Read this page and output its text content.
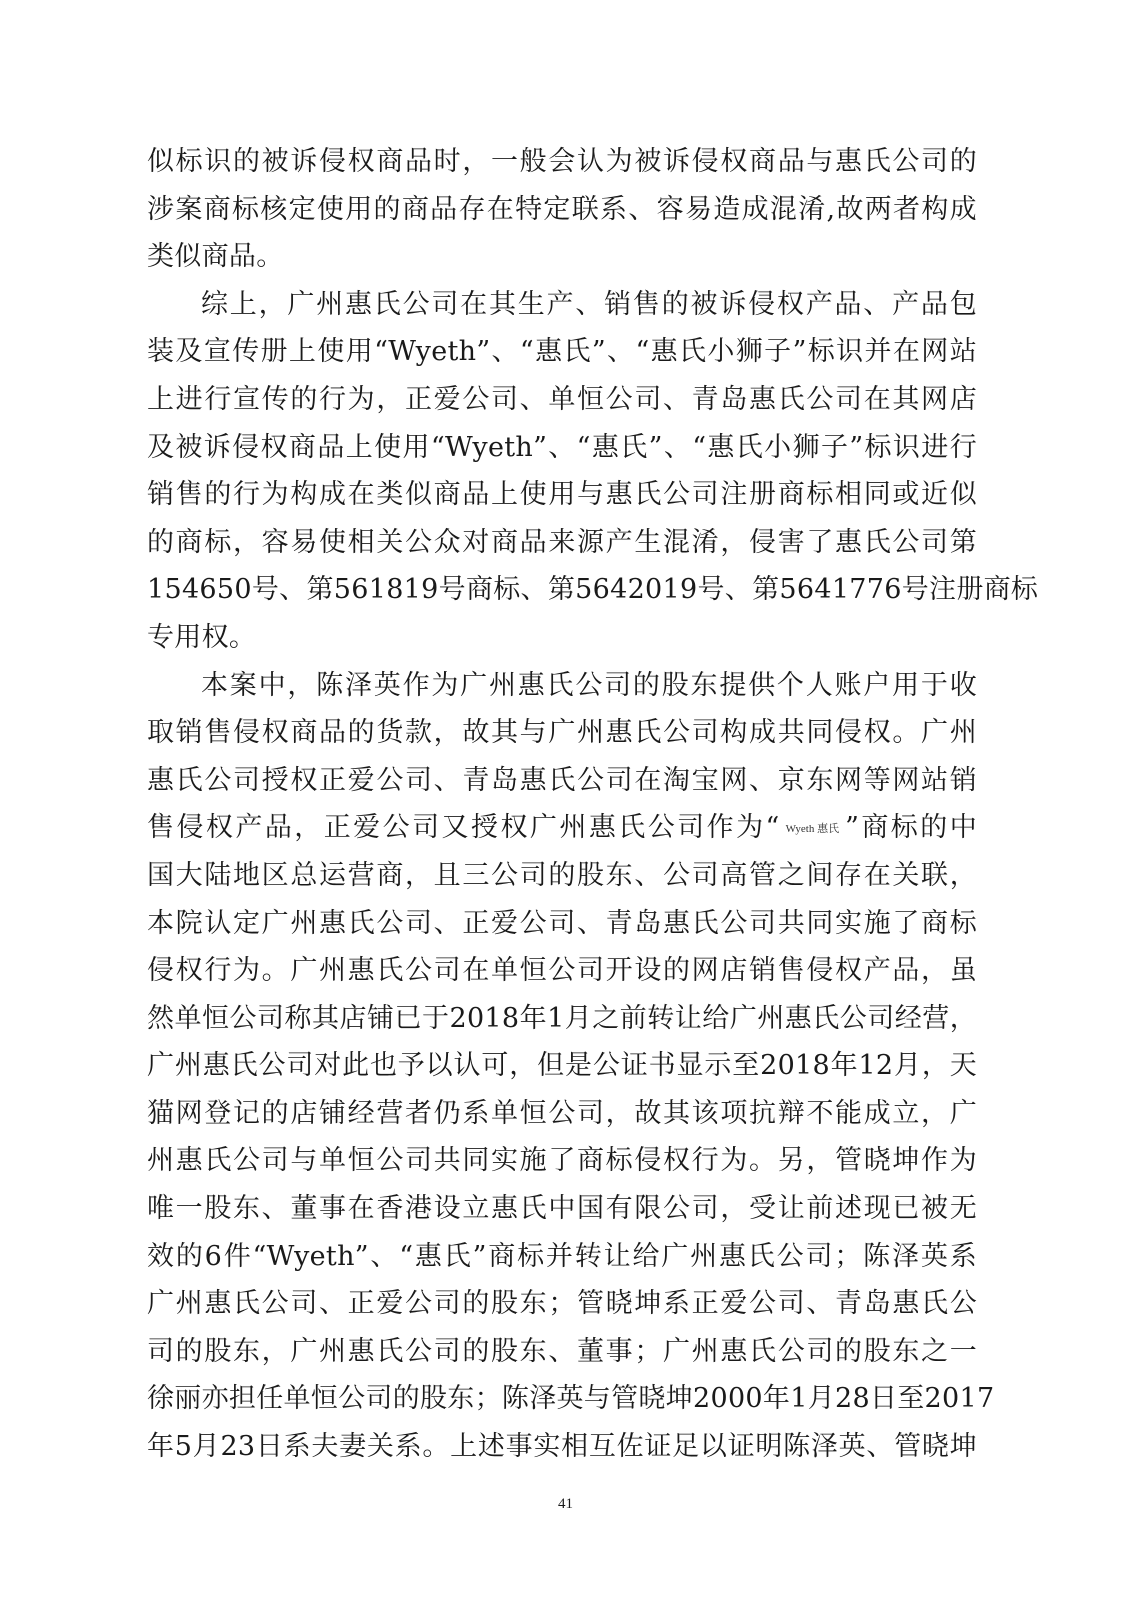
似标识的被诉侵权商品时，一般会认为被诉侵权商品与惠氏公司的
涉案商标核定使用的商品存在特定联系、容易造成混淆,故两者构成
类似商品。
综上，广州惠氏公司在其生产、销售的被诉侵权产品、产品包
装及宣传册上使用“Wyeth”、“惠氏”、“惠氏小狮子”标识并在网站
上进行宣传的行为，正爱公司、单恒公司、青岛惠氏公司在其网店
及被诉侵权商品上使用“Wyeth”、“惠氏”、“惠氏小狮子”标识进行
销售的行为构成在类似商品上使用与惠氏公司注册商标相同或近似
的商标，容易使相关公众对商品来源产生混淆，侵害了惠氏公司第
154650号、第561819号商标、第5642019号、第5641776号注册商标
专用权。
本案中，陈泽英作为广州惠氏公司的股东提供个人账户用于收
取销售侵权商品的货款，故其与广州惠氏公司构成共同侵权。广州
惠氏公司授权正爱公司、青岛惠氏公司在淘宝网、京东网等网站销
售侵权产品，正爱公司又授权广州惠氏公司作为“ Wyeth 惠氏 ”商标的中
国大陆地区总运营商，且三公司的股东、公司高管之间存在关联，
本院认定广州惠氏公司、正爱公司、青岛惠氏公司共同实施了商标
侵权行为。广州惠氏公司在单恒公司开设的网店销售侵权产品，虽
然单恒公司称其店铺已于2018年1月之前转让给广州惠氏公司经营，
广州惠氏公司对此也予以认可，但是公证书显示至2018年12月，天
猫网登记的店铺经营者仍系单恒公司，故其该项抗辩不能成立，广
州惠氏公司与单恒公司共同实施了商标侵权行为。另，管晓坤作为
唯一股东、董事在香港设立惠氏中国有限公司，受让前述现已被无
效的6件“Wyeth”、“惠氏”商标并转让给广州惠氏公司；陈泽英系
广州惠氏公司、正爱公司的股东；管晓坤系正爱公司、青岛惠氏公
司的股东，广州惠氏公司的股东、董事；广州惠氏公司的股东之一
徐丽亦担任单恒公司的股东；陈泽英与管晓坤2000年1月28日至2017
年5月23日系夫妻关系。上述事实相互佐证足以证明陈泽英、管晓坤
41
